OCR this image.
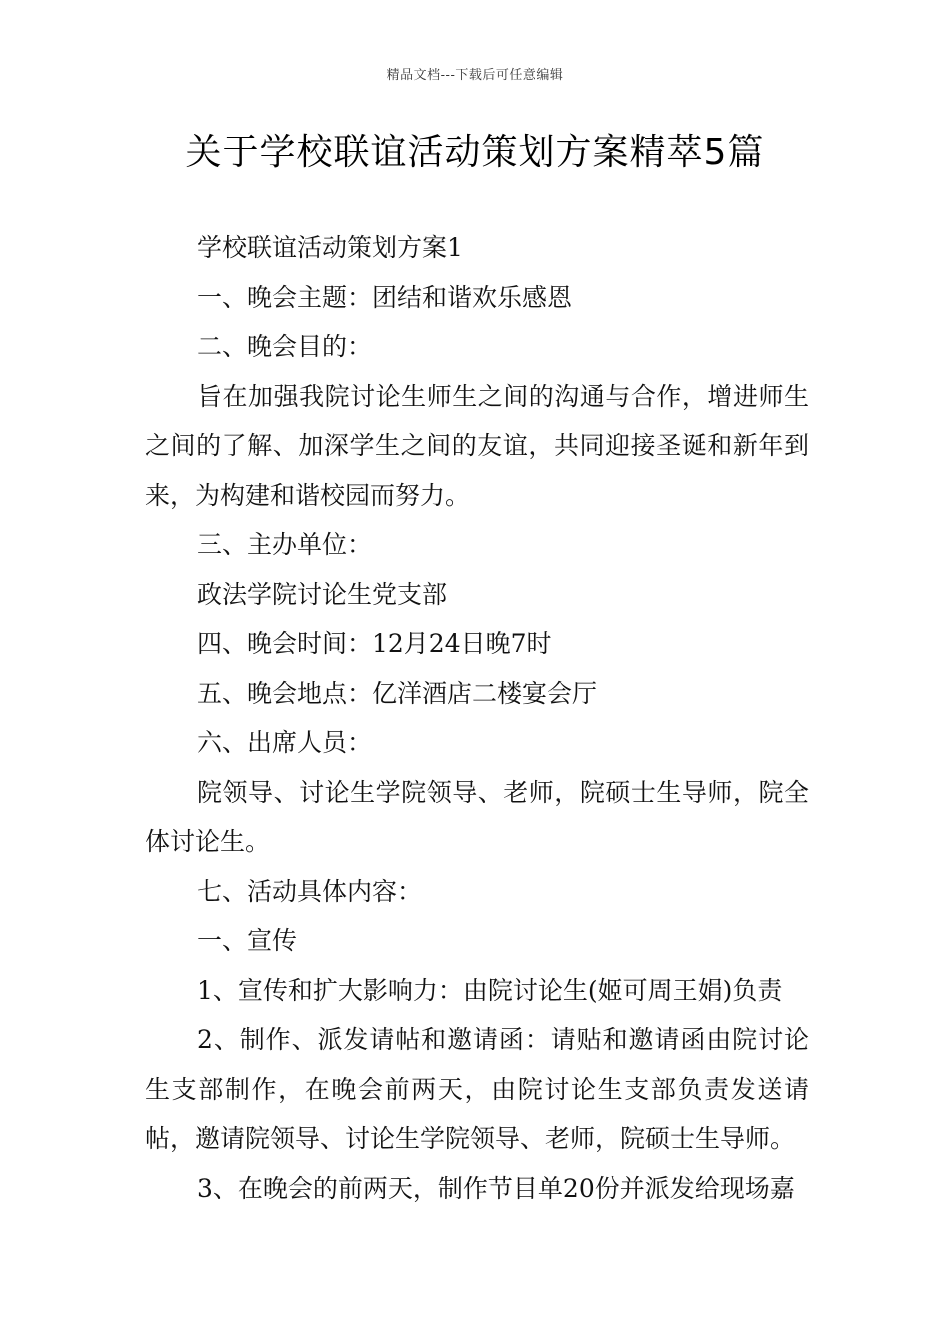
精品文档---下载后可任意编辑
关于学校联谊活动策划方案精萃5篇

学校联谊活动策划方案1

一、晚会主题：团结和谐欢乐感恩

二、晚会目的：

旨在加强我院讨论生师生之间的沟通与合作，增进师生之间的了解、加深学生之间的友谊，共同迎接圣诞和新年到来，为构建和谐校园而努力。

三、主办单位：

政法学院讨论生党支部

四、晚会时间：12月24日晚7时

五、晚会地点：亿洋酒店二楼宴会厅

六、出席人员：

院领导、讨论生学院领导、老师，院硕士生导师，院全体讨论生。

七、活动具体内容：

一、宣传

1、宣传和扩大影响力：由院讨论生(姬可周王娟)负责

2、制作、派发请帖和邀请函：请贴和邀请函由院讨论生支部制作，在晚会前两天，由院讨论生支部负责发送请帖，邀请院领导、讨论生学院领导、老师，院硕士生导师。

3、在晚会的前两天，制作节目单20份并派发给现场嘉
